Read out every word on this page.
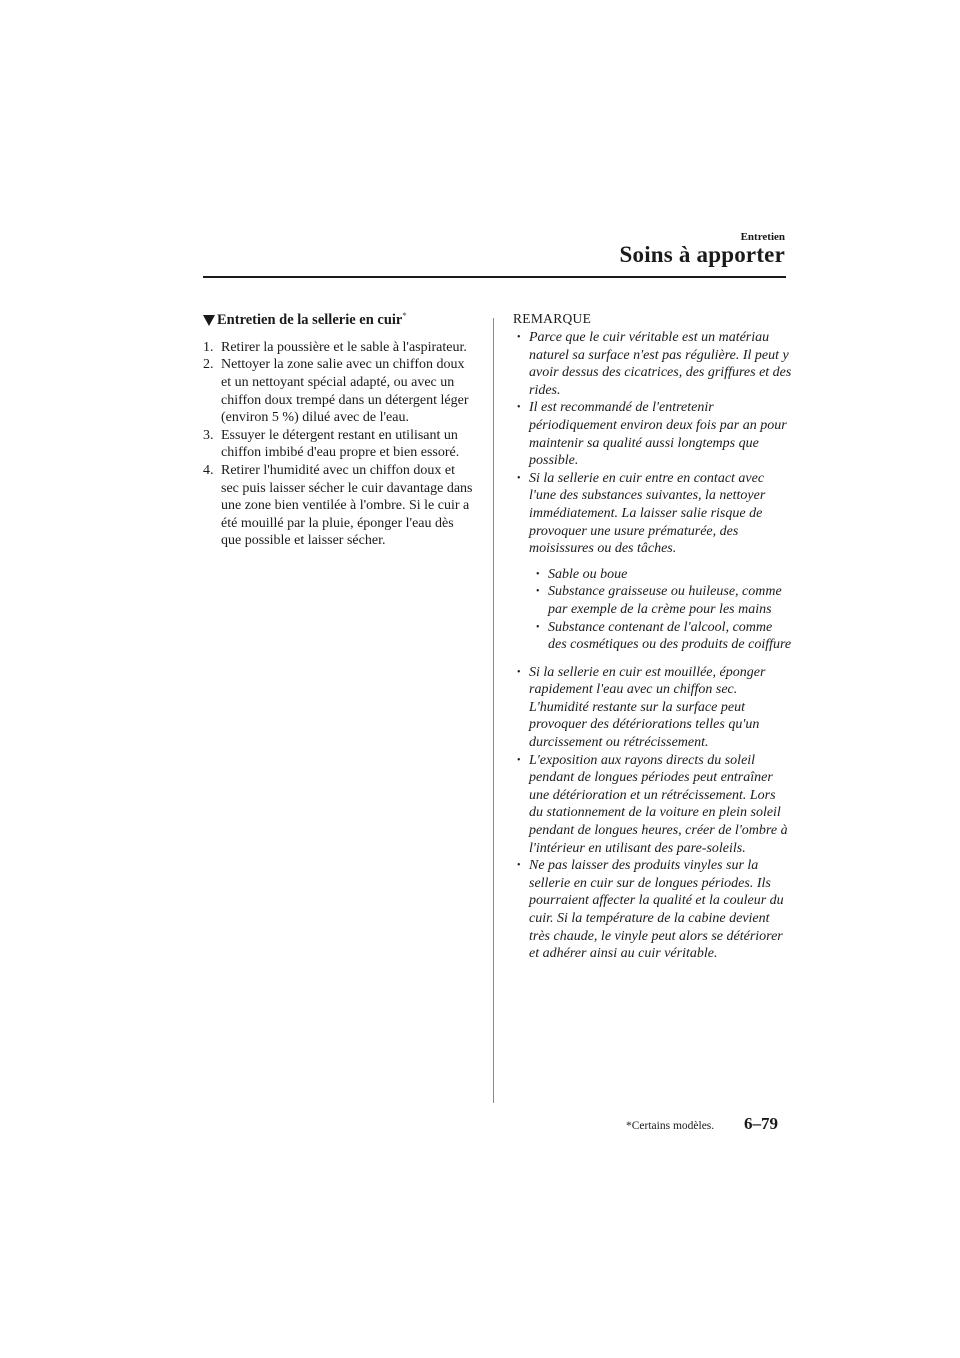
Entretien
Soins à apporter
Entretien de la sellerie en cuir*
1. Retirer la poussière et le sable à l'aspirateur.
2. Nettoyer la zone salie avec un chiffon doux et un nettoyant spécial adapté, ou avec un chiffon doux trempé dans un détergent léger (environ 5 %) dilué avec de l'eau.
3. Essuyer le détergent restant en utilisant un chiffon imbibé d'eau propre et bien essoré.
4. Retirer l'humidité avec un chiffon doux et sec puis laisser sécher le cuir davantage dans une zone bien ventilée à l'ombre. Si le cuir a été mouillé par la pluie, éponger l'eau dès que possible et laisser sécher.
REMARQUE
• Parce que le cuir véritable est un matériau naturel sa surface n'est pas régulière. Il peut y avoir dessus des cicatrices, des griffures et des rides.
• Il est recommandé de l'entretenir périodiquement environ deux fois par an pour maintenir sa qualité aussi longtemps que possible.
• Si la sellerie en cuir entre en contact avec l'une des substances suivantes, la nettoyer immédiatement. La laisser salie risque de provoquer une usure prématurée, des moisissures ou des tâches.
• Sable ou boue
• Substance graisseuse ou huileuse, comme par exemple de la crème pour les mains
• Substance contenant de l'alcool, comme des cosmétiques ou des produits de coiffure
• Si la sellerie en cuir est mouillée, éponger rapidement l'eau avec un chiffon sec. L'humidité restante sur la surface peut provoquer des détériorations telles qu'un durcissement ou rétrécissement.
• L'exposition aux rayons directs du soleil pendant de longues périodes peut entraîner une détérioration et un rétrécissement. Lors du stationnement de la voiture en plein soleil pendant de longues heures, créer de l'ombre à l'intérieur en utilisant des pare-soleils.
• Ne pas laisser des produits vinyles sur la sellerie en cuir sur de longues périodes. Ils pourraient affecter la qualité et la couleur du cuir. Si la température de la cabine devient très chaude, le vinyle peut alors se détériorer et adhérer ainsi au cuir véritable.
*Certains modèles. 6–79
